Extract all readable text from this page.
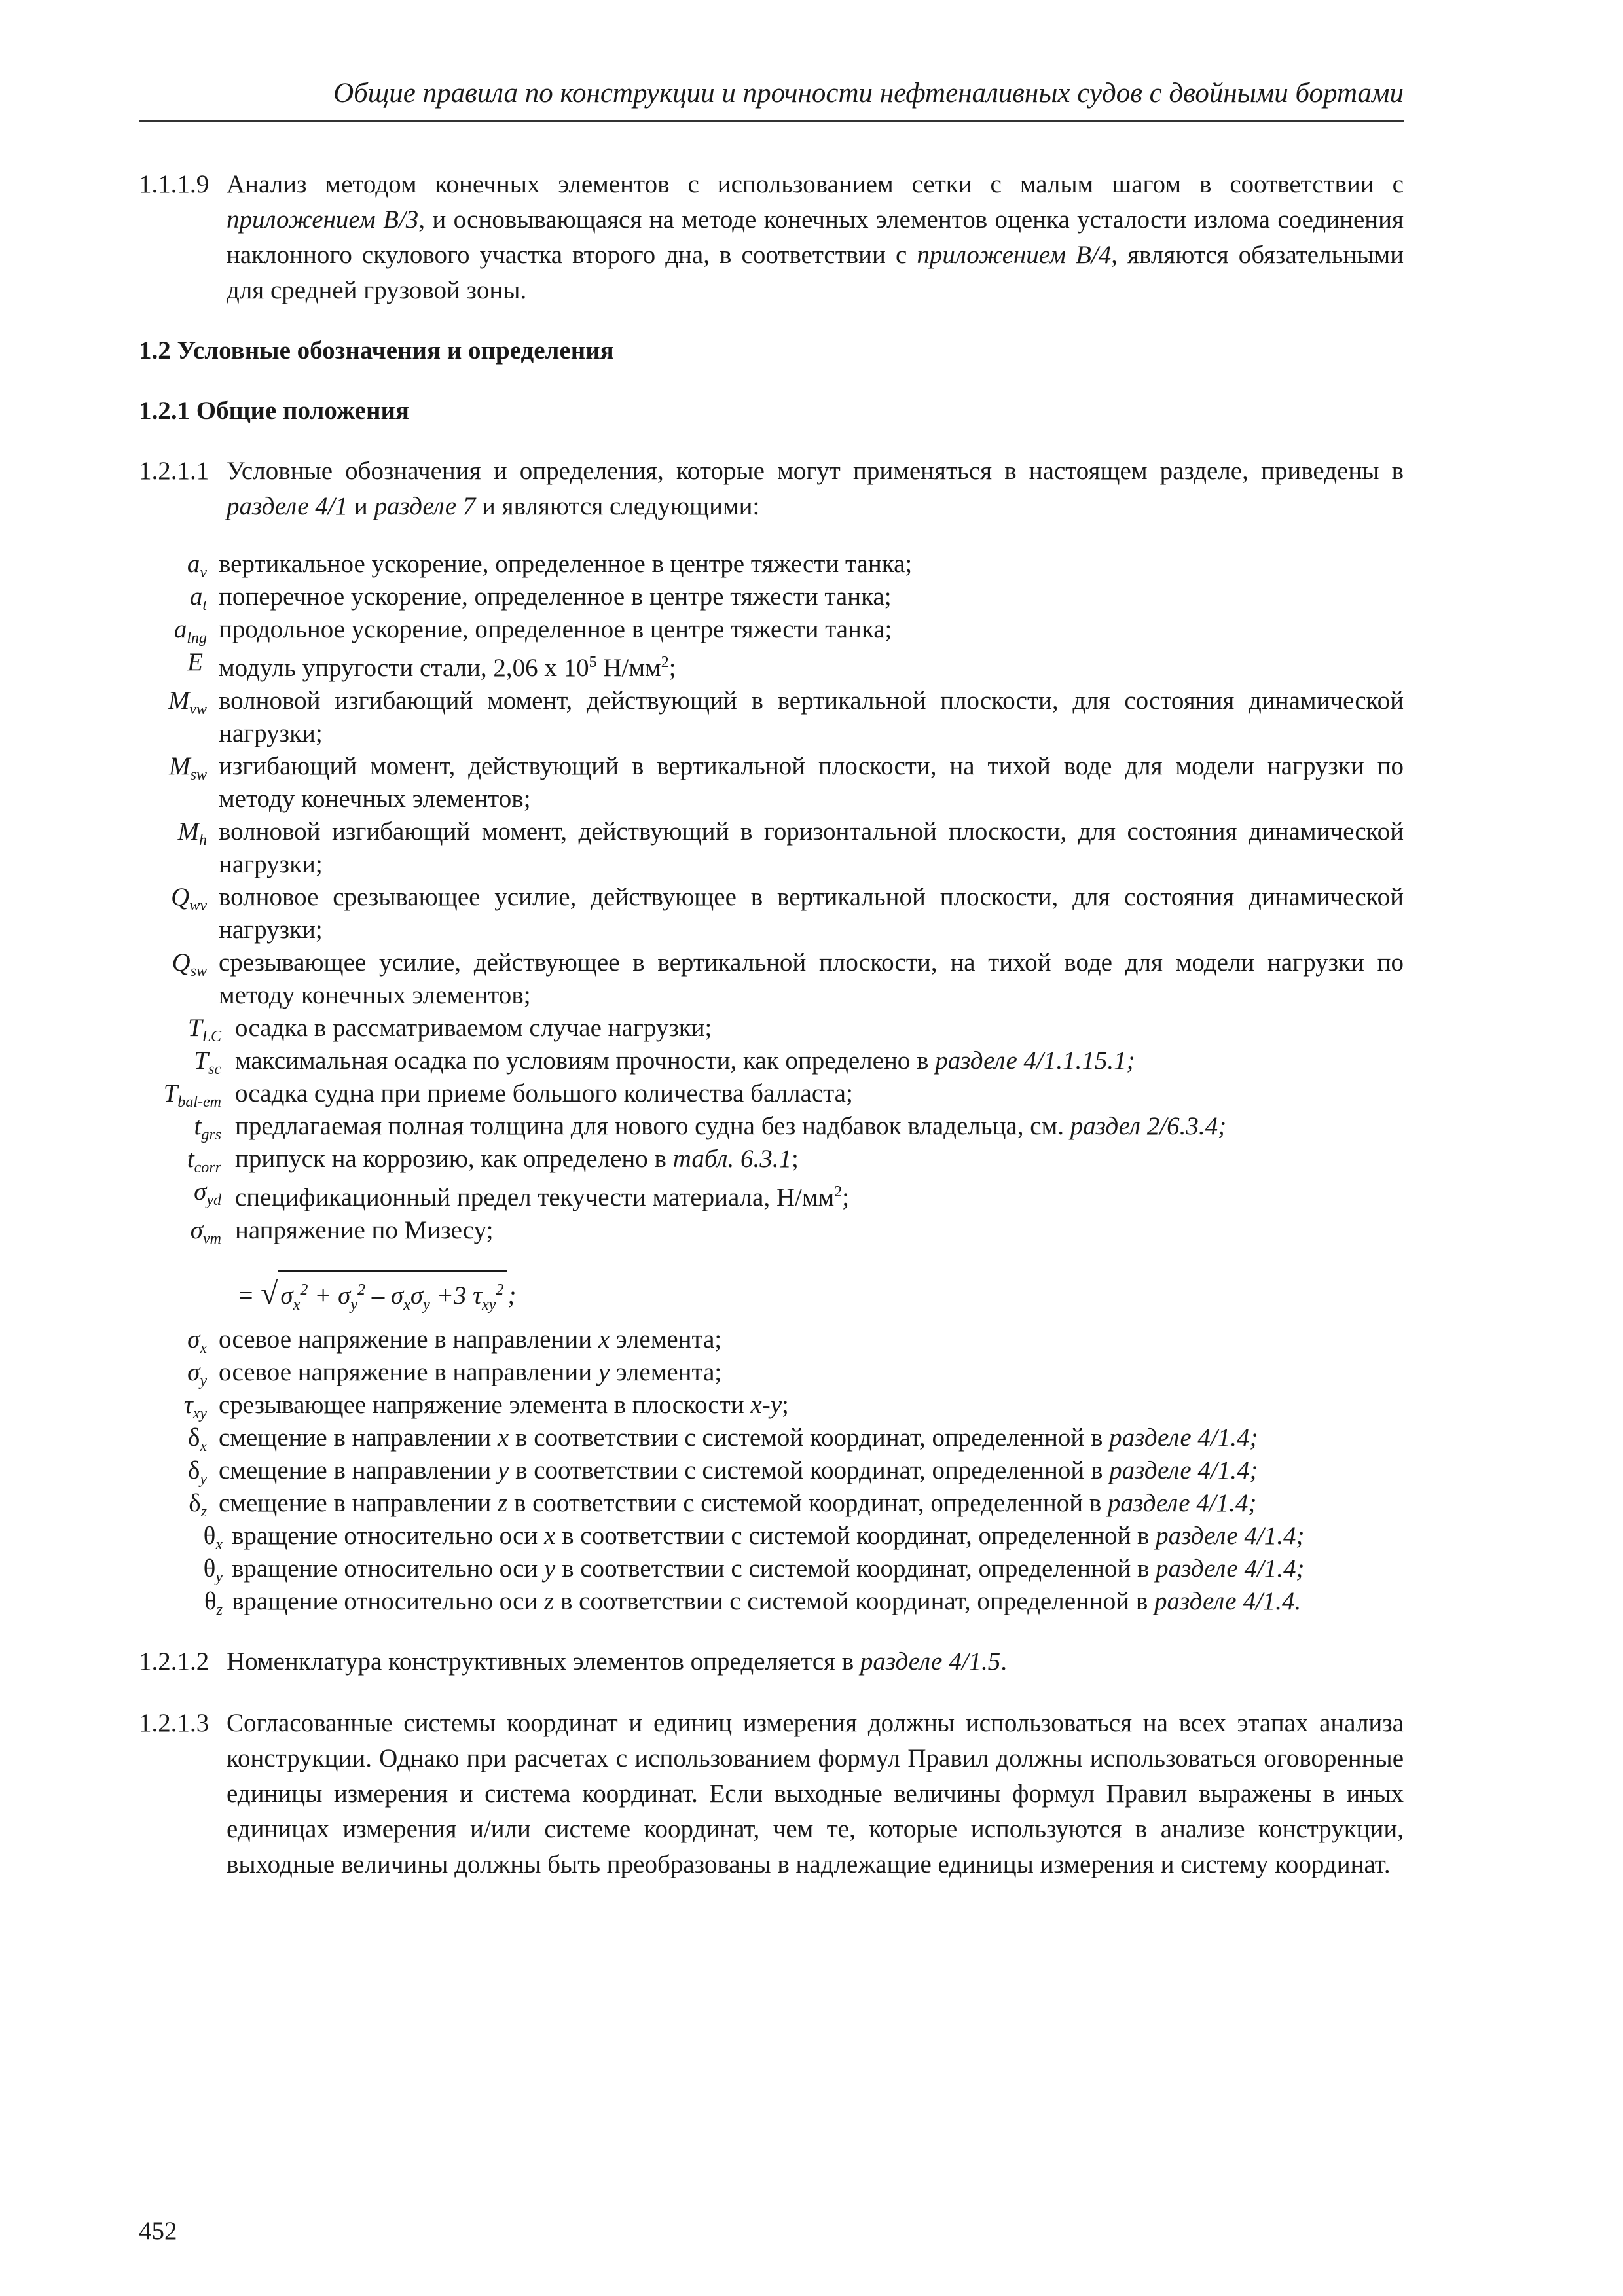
Общие правила по конструкции и прочности нефтеналивных судов с двойными бортами
1.1.1.9 Анализ методом конечных элементов с использованием сетки с малым шагом в соответствии с приложением В/3, и основывающаяся на методе конечных элементов оценка усталости излома соединения наклонного скулового участка второго дна, в соответствии с приложением В/4, являются обязательными для средней грузовой зоны.
1.2 Условные обозначения и определения
1.2.1 Общие положения
1.2.1.1 Условные обозначения и определения, которые могут применяться в настоящем разделе, приведены в разделе 4/1 и разделе 7 и являются следующими:
$a_v$ вертикальное ускорение, определенное в центре тяжести танка;
$a_t$ поперечное ускорение, определенное в центре тяжести танка;
$a_{lng}$ продольное ускорение, определенное в центре тяжести танка;
E модуль упругости стали, 2,06 x $10^5$ $Н/мм^2$;
$M_{vw}$ волновой изгибающий момент, действующий в вертикальной плоскости, для состояния динамической нагрузки;
$M_{sw}$ изгибающий момент, действующий в вертикальной плоскости, на тихой воде для модели нагрузки по методу конечных элементов;
$M_h$ волновой изгибающий момент, действующий в горизонтальной плоскости, для состояния динамической нагрузки;
$Q_{wv}$ волновое срезывающее усилие, действующее в вертикальной плоскости, для состояния динамической нагрузки;
$Q_{sw}$ срезывающее усилие, действующее в вертикальной плоскости, на тихой воде для модели нагрузки по методу конечных элементов;
$T_{LC}$ осадка в рассматриваемом случае нагрузки;
$T_{sc}$ максимальная осадка по условиям прочности, как определено в разделе 4/1.1.15.1;
$T_{bal-em}$ осадка судна при приеме большого количества балласта;
$t_{grs}$ предлагаемая полная толщина для нового судна без надбавок владельца, см. раздел 2/6.3.4;
$t_{corr}$ припуск на коррозию, как определено в табл. 6.3.1;
$\sigma_{yd}$ спецификационный предел текучести материала, $Н/мм^2$;
$\sigma_{vm}$ напряжение по Мизесу;
= √ $\sigma_x^2 + \sigma_y^2 - \sigma_x\sigma_y +3$ $\tau_{xy}^2$ ;
$\sigma_x$ осевое напряжение в направлении x элемента;
$\sigma_y$ осевое напряжение в направлении y элемента;
$\tau_{xy}$ срезывающее напряжение элемента в плоскости x-y;
$\delta_x$ смещение в направлении x в соответствии с системой координат, определенной в разделе 4/1.4;
$\delta_y$ смещение в направлении y в соответствии с системой координат, определенной в разделе 4/1.4;
$\delta_z$ смещение в направлении z в соответствии с системой координат, определенной в разделе 4/1.4;
$\theta_x$ вращение относительно оси x в соответствии с системой координат, определенной в разделе 4/1.4;
$\theta_y$ вращение относительно оси y в соответствии с системой координат, определенной в разделе 4/1.4;
$\theta_z$ вращение относительно оси z в соответствии с системой координат, определенной в разделе 4/1.4.
1.2.1.2 Номенклатура конструктивных элементов определяется в разделе 4/1.5.
1.2.1.3 Согласованные системы координат и единиц измерения должны использоваться на всех этапах анализа конструкции. Однако при расчетах с использованием формул Правил должны использоваться оговоренные единицы измерения и система координат. Если выходные величины формул Правил выражены в иных единицах измерения и/или системе координат, чем те, которые используются в анализе конструкции, выходные величины должны быть преобразованы в надлежащие единицы измерения и систему координат.
452
